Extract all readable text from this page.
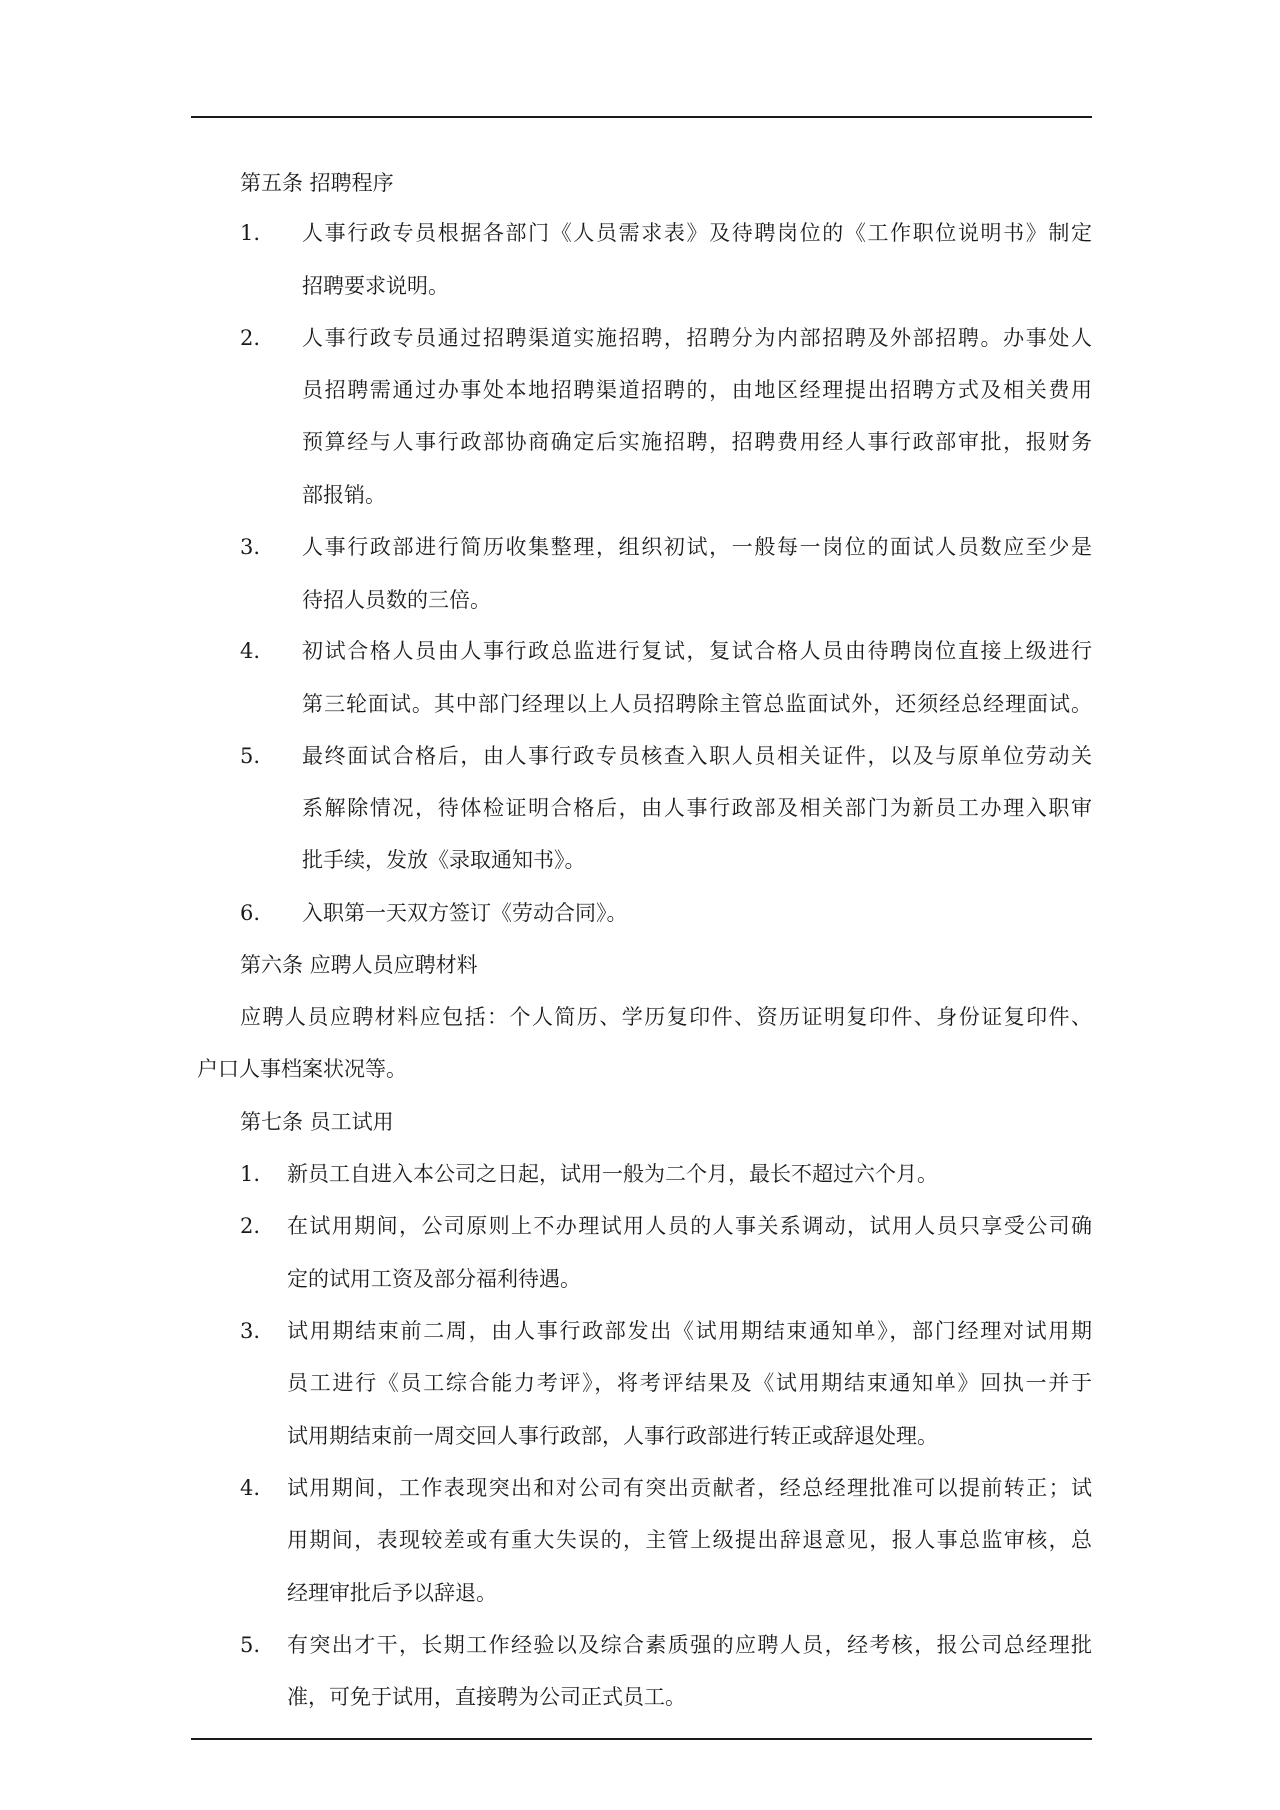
第五条 招聘程序
1. 人事行政专员根据各部门《人员需求表》及待聘岗位的《工作职位说明书》制定
招聘要求说明。
2. 人事行政专员通过招聘渠道实施招聘，招聘分为内部招聘及外部招聘。办事处人
员招聘需通过办事处本地招聘渠道招聘的，由地区经理提出招聘方式及相关费用
预算经与人事行政部协商确定后实施招聘，招聘费用经人事行政部审批，报财务
部报销。
3. 人事行政部进行简历收集整理，组织初试，一般每一岗位的面试人员数应至少是
待招人员数的三倍。
4. 初试合格人员由人事行政总监进行复试，复试合格人员由待聘岗位直接上级进行
第三轮面试。其中部门经理以上人员招聘除主管总监面试外，还须经总经理面试。
5. 最终面试合格后，由人事行政专员核查入职人员相关证件，以及与原单位劳动关
系解除情况，待体检证明合格后，由人事行政部及相关部门为新员工办理入职审
批手续，发放《录取通知书》。
6. 入职第一天双方签订《劳动合同》。
第六条 应聘人员应聘材料
应聘人员应聘材料应包括：个人简历、学历复印件、资历证明复印件、身份证复印件、
户口人事档案状况等。
第七条 员工试用
1. 新员工自进入本公司之日起，试用一般为二个月，最长不超过六个月。
2. 在试用期间，公司原则上不办理试用人员的人事关系调动，试用人员只享受公司确
定的试用工资及部分福利待遇。
3. 试用期结束前二周，由人事行政部发出《试用期结束通知单》，部门经理对试用期
员工进行《员工综合能力考评》，将考评结果及《试用期结束通知单》回执一并于
试用期结束前一周交回人事行政部，人事行政部进行转正或辞退处理。
4. 试用期间，工作表现突出和对公司有突出贡献者，经总经理批准可以提前转正；试
用期间，表现较差或有重大失误的，主管上级提出辞退意见，报人事总监审核，总
经理审批后予以辞退。
5. 有突出才干，长期工作经验以及综合素质强的应聘人员，经考核，报公司总经理批
准，可免于试用，直接聘为公司正式员工。
